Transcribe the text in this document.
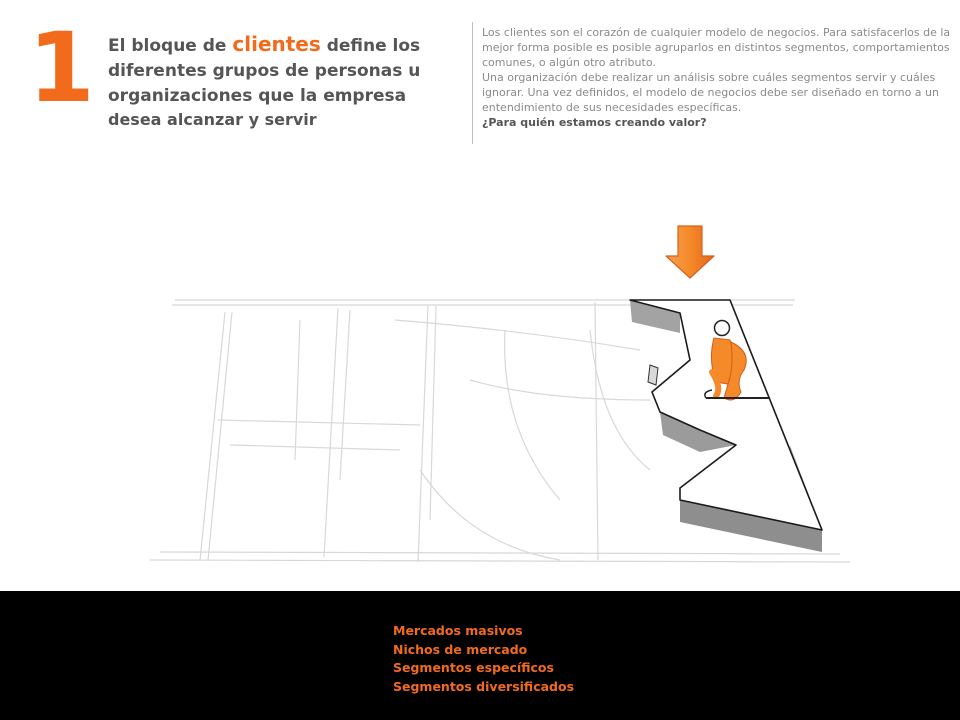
1 El bloque de clientes define los diferentes grupos de personas u organizaciones que la empresa desea alcanzar y servir

Los clientes son el corazón de cualquier modelo de negocios. Para satisfacerlos de la mejor forma posible es posible agruparlos en distintos segmentos, comportamientos comunes, o algún otro atributo.

Una organización debe realizar un análisis sobre cuáles segmentos servir y cuáles ignorar. Una vez definidos, el modelo de negocios debe ser diseñado en torno a un entendimiento de sus necesidades específicas.

¿Para quién estamos creando valor?

Mercados masivos
Nichos de mercado
Segmentos específicos
Segmentos diversificados
